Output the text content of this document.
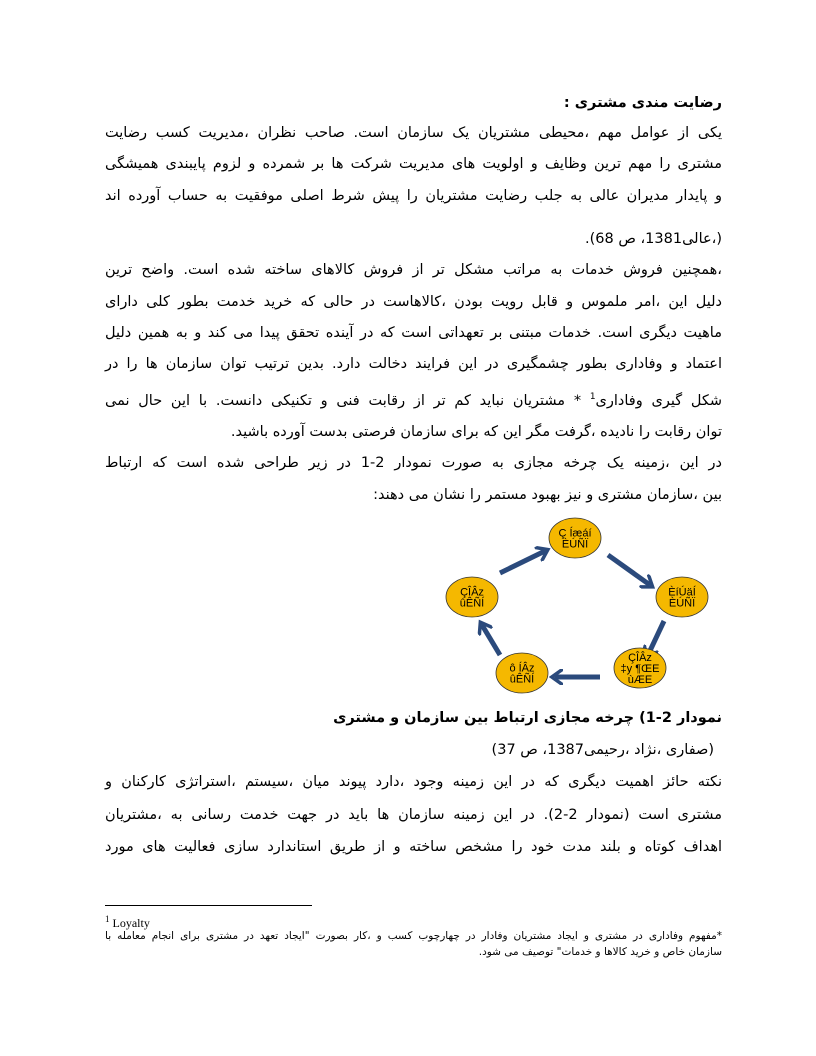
رضایت مندی مشتری :
یکی از عوامل مهم ،محیطی مشتریان یک سازمان است. صاحب نظران ،مدیریت کسب رضایت
مشتری را مهم ترین وظایف و اولویت های مدیریت شرکت ها بر شمرده و لزوم پایبندی همیشگی
و پایدار مدیران عالی به جلب رضایت مشتریان را پیش شرط اصلی موفقیت به حساب آورده اند
(،عالی1381، ص 68).
،همچنین فروش خدمات به مراتب مشکل تر از فروش کالاهای ساخته شده است. واضح ترین
دلیل این ،امر ملموس و قابل رویت بودن ،کالاهاست در حالی که خرید خدمت بطور کلی دارای
ماهیت دیگری است. خدمات مبتنی بر تعهداتی است که در آینده تحقق پیدا می کند و به همین دلیل
اعتماد و وفاداری بطور چشمگیری در این فرایند دخالت دارد. بدین ترتیب توان سازمان ها را در
شکل گیری وفاداری$^1$ * مشتریان نباید کم تر از رقابت فنی و تکنیکی دانست. با این حال نمی
توان رقابت را نادیده ،گرفت مگر این که برای سازمان فرصتی بدست آورده باشید.
در این ،زمینه یک چرخه مجازی به صورت نمودار 2-1 در زیر طراحی شده است که ارتباط
بین ،سازمان مشتری و نیز بهبود مستمر را نشان می دهند:
Ç Íæáí
ÈÚÑÏ
ÈíÚäÍ
ÈÚÑÏ
ÇÎÂz
‡y ¶ŒE
ùÆE
ô ÍÂz
ûÊÑÍ
ÇÎÂz
ûÊÑÍ
نمودار 2-1) چرخه مجازی ارتباط بین سازمان و مشتری
(صفاری ،نژاد ،رحیمی1387، ص 37)
نکته حائز اهمیت دیگری که در این زمینه وجود ،دارد پیوند میان ،سیستم ،استراتژی کارکنان و
مشتری است (نمودار 2-2). در این زمینه سازمان ها باید در جهت خدمت رسانی به ،مشتریان
اهداف کوتاه و بلند مدت خود را مشخص ساخته و از طریق استاندارد سازی فعالیت های مورد
$^1$ Loyalty
*مفهوم وفاداری در مشتری و ایجاد مشتریان وفادار در چهارچوب کسب و ،کار بصورت "ایجاد تعهد در مشتری برای انجام معامله با
سازمان خاص و خرید کالاها و خدمات" توصیف می شود.
